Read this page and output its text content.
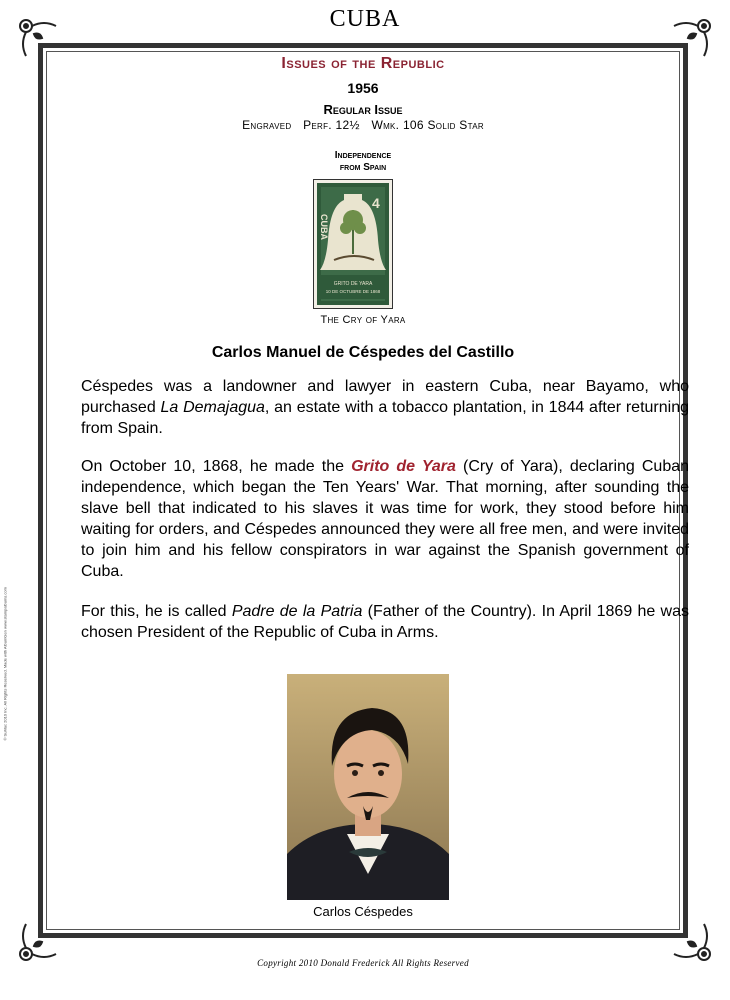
CUBA
© SuMac 2010 Inc. All Rights Reserved. Made with AlbumGen www.stampalbums.com
Issues of the Republic
1956
Regular Issue
Engraved Perf. 12½ Wmk. 106 Solid Star
Independence
from Spain
CUBA
4
GRITO DE YARA
10 DE OCTUBRE DE 1868
The Cry of Yara
Carlos Manuel de Céspedes del Castillo
Céspedes was a landowner and lawyer in eastern Cuba, near Bayamo, who purchased La Demajagua, an estate with a tobacco plantation, in 1844 after returning from Spain.
On October 10, 1868, he made the Grito de Yara (Cry of Yara), declaring Cuban independence, which began the Ten Years' War. That morning, after sounding the slave bell that indicated to his slaves it was time for work, they stood before him waiting for orders, and Céspedes announced they were all free men, and were invited to join him and his fellow conspirators in war against the Spanish government of Cuba.
For this, he is called Padre de la Patria (Father of the Country). In April 1869 he was chosen President of the Republic of Cuba in Arms.
Carlos Céspedes
Copyright 2010 Donald Frederick All Rights Reserved
